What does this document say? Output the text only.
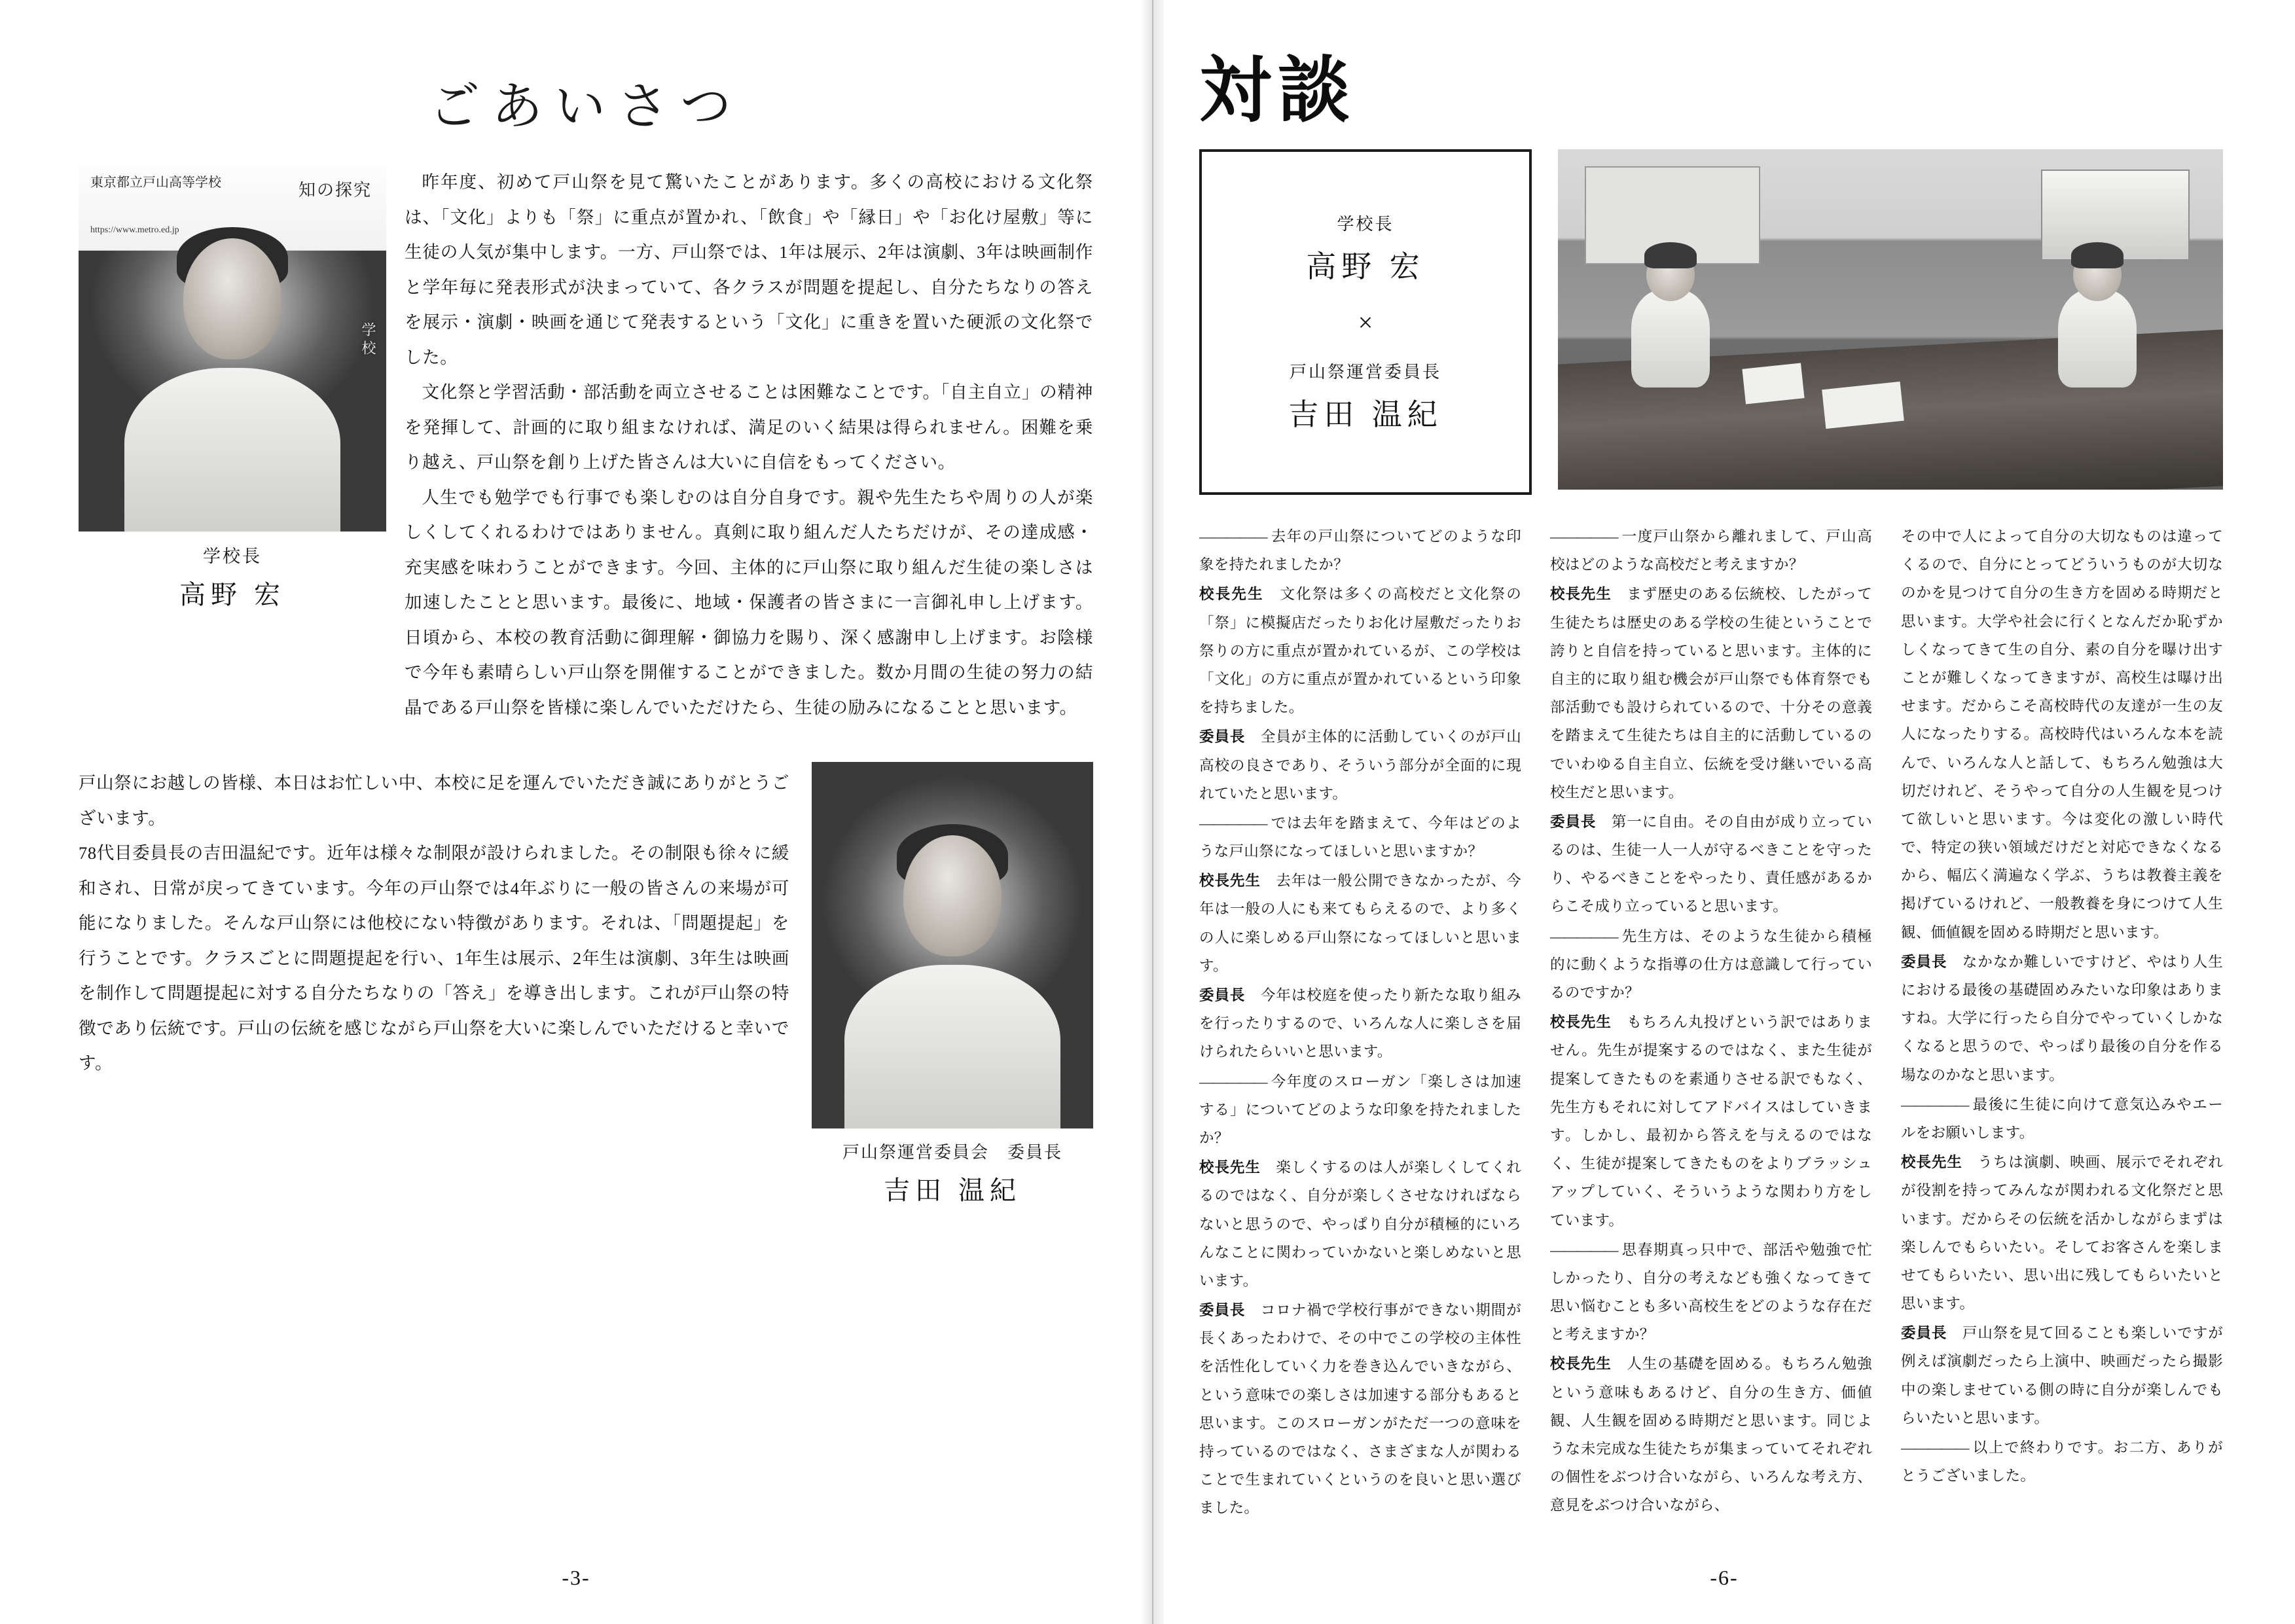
ごあいさつ
東京都立戸山高等学校
https://www.metro.ed.jp
知の探究
学校
学校長
高野 宏

昨年度、初めて戸山祭を見て驚いたことがあります。多くの高校における文化祭は、「文化」よりも「祭」に重点が置かれ、「飲食」や「縁日」や「お化け屋敷」等に生徒の人気が集中します。一方、戸山祭では、1年は展示、2年は演劇、3年は映画制作と学年毎に発表形式が決まっていて、各クラスが問題を提起し、自分たちなりの答えを展示・演劇・映画を通じて発表するという「文化」に重きを置いた硬派の文化祭でした。

文化祭と学習活動・部活動を両立させることは困難なことです。「自主自立」の精神を発揮して、計画的に取り組まなければ、満足のいく結果は得られません。困難を乗り越え、戸山祭を創り上げた皆さんは大いに自信をもってください。

人生でも勉学でも行事でも楽しむのは自分自身です。親や先生たちや周りの人が楽しくしてくれるわけではありません。真剣に取り組んだ人たちだけが、その達成感・充実感を味わうことができます。今回、主体的に戸山祭に取り組んだ生徒の楽しさは加速したことと思います。最後に、地域・保護者の皆さまに一言御礼申し上げます。日頃から、本校の教育活動に御理解・御協力を賜り、深く感謝申し上げます。お陰様で今年も素晴らしい戸山祭を開催することができました。数か月間の生徒の努力の結晶である戸山祭を皆様に楽しんでいただけたら、生徒の励みになることと思います。

戸山祭にお越しの皆様、本日はお忙しい中、本校に足を運んでいただき誠にありがとうございます。

78代目委員長の吉田温紀です。近年は様々な制限が設けられました。その制限も徐々に緩和され、日常が戻ってきています。今年の戸山祭では4年ぶりに一般の皆さんの来場が可能になりました。そんな戸山祭には他校にない特徴があります。それは、「問題提起」を行うことです。クラスごとに問題提起を行い、1年生は展示、2年生は演劇、3年生は映画を制作して問題提起に対する自分たちなりの「答え」を導き出します。これが戸山祭の特徴であり伝統です。戸山の伝統を感じながら戸山祭を大いに楽しんでいただけると幸いです。

戸山祭運営委員会　委員長
吉田 温紀
-3-
対談
学校長
高野 宏
×
戸山祭運営委員長
吉田 温紀

――――― 去年の戸山祭についてどのような印象を持たれましたか？

校長先生　 文化祭は多くの高校だと文化祭の「祭」に模擬店だったりお化け屋敷だったりお祭りの方に重点が置かれているが、この学校は「文化」の方に重点が置かれているという印象を持ちました。

委員長　 全員が主体的に活動していくのが戸山高校の良さであり、そういう部分が全面的に現れていたと思います。

――――― では去年を踏まえて、今年はどのような戸山祭になってほしいと思いますか？

校長先生　 去年は一般公開できなかったが、今年は一般の人にも来てもらえるので、より多くの人に楽しめる戸山祭になってほしいと思います。

委員長　 今年は校庭を使ったり新たな取り組みを行ったりするので、いろんな人に楽しさを届けられたらいいと思います。

――――― 今年度のスローガン「楽しさは加速する」についてどのような印象を持たれましたか？

校長先生　 楽しくするのは人が楽しくしてくれるのではなく、自分が楽しくさせなければならないと思うので、やっぱり自分が積極的にいろんなことに関わっていかないと楽しめないと思います。

委員長　 コロナ禍で学校行事ができない期間が長くあったわけで、その中でこの学校の主体性を活性化していく力を巻き込んでいきながら、という意味での楽しさは加速する部分もあると思います。このスローガンがただ一つの意味を持っているのではなく、さまざまな人が関わることで生まれていくというのを良いと思い選びました。

――――― 一度戸山祭から離れまして、戸山高校はどのような高校だと考えますか？

校長先生　 まず歴史のある伝統校、したがって生徒たちは歴史のある学校の生徒ということで誇りと自信を持っていると思います。主体的に自主的に取り組む機会が戸山祭でも体育祭でも部活動でも設けられているので、十分その意義を踏まえて生徒たちは自主的に活動しているのでいわゆる自主自立、伝統を受け継いでいる高校生だと思います。

委員長　 第一に自由。その自由が成り立っているのは、生徒一人一人が守るべきことを守ったり、やるべきことをやったり、責任感があるからこそ成り立っていると思います。

――――― 先生方は、そのような生徒から積極的に動くような指導の仕方は意識して行っているのですか？

校長先生　 もちろん丸投げという訳ではありません。先生が提案するのではなく、また生徒が提案してきたものを素通りさせる訳でもなく、先生方もそれに対してアドバイスはしていきます。しかし、最初から答えを与えるのではなく、生徒が提案してきたものをよりブラッシュアップしていく、そういうような関わり方をしています。

――――― 思春期真っ只中で、部活や勉強で忙しかったり、自分の考えなども強くなってきて思い悩むことも多い高校生をどのような存在だと考えますか？

校長先生　 人生の基礎を固める。もちろん勉強という意味もあるけど、自分の生き方、価値観、人生観を固める時期だと思います。同じような未完成な生徒たちが集まっていてそれぞれの個性をぶつけ合いながら、いろんな考え方、意見をぶつけ合いながら、

その中で人によって自分の大切なものは違ってくるので、自分にとってどういうものが大切なのかを見つけて自分の生き方を固める時期だと思います。大学や社会に行くとなんだか恥ずかしくなってきて生の自分、素の自分を曝け出すことが難しくなってきますが、高校生は曝け出せます。だからこそ高校時代の友達が一生の友人になったりする。高校時代はいろんな本を読んで、いろんな人と話して、もちろん勉強は大切だけれど、そうやって自分の人生観を見つけて欲しいと思います。今は変化の激しい時代で、特定の狭い領域だけだと対応できなくなるから、幅広く満遍なく学ぶ、うちは教養主義を掲げているけれど、一般教養を身につけて人生観、価値観を固める時期だと思います。

委員長　 なかなか難しいですけど、やはり人生における最後の基礎固めみたいな印象はありますね。大学に行ったら自分でやっていくしかなくなると思うので、やっぱり最後の自分を作る場なのかなと思います。

――――― 最後に生徒に向けて意気込みやエールをお願いします。

校長先生　 うちは演劇、映画、展示でそれぞれが役割を持ってみんなが関われる文化祭だと思います。だからその伝統を活かしながらまずは楽しんでもらいたい。そしてお客さんを楽しませてもらいたい、思い出に残してもらいたいと思います。

委員長　 戸山祭を見て回ることも楽しいですが例えば演劇だったら上演中、映画だったら撮影中の楽しませている側の時に自分が楽しんでもらいたいと思います。

――――― 以上で終わりです。お二方、ありがとうございました。

-6-
